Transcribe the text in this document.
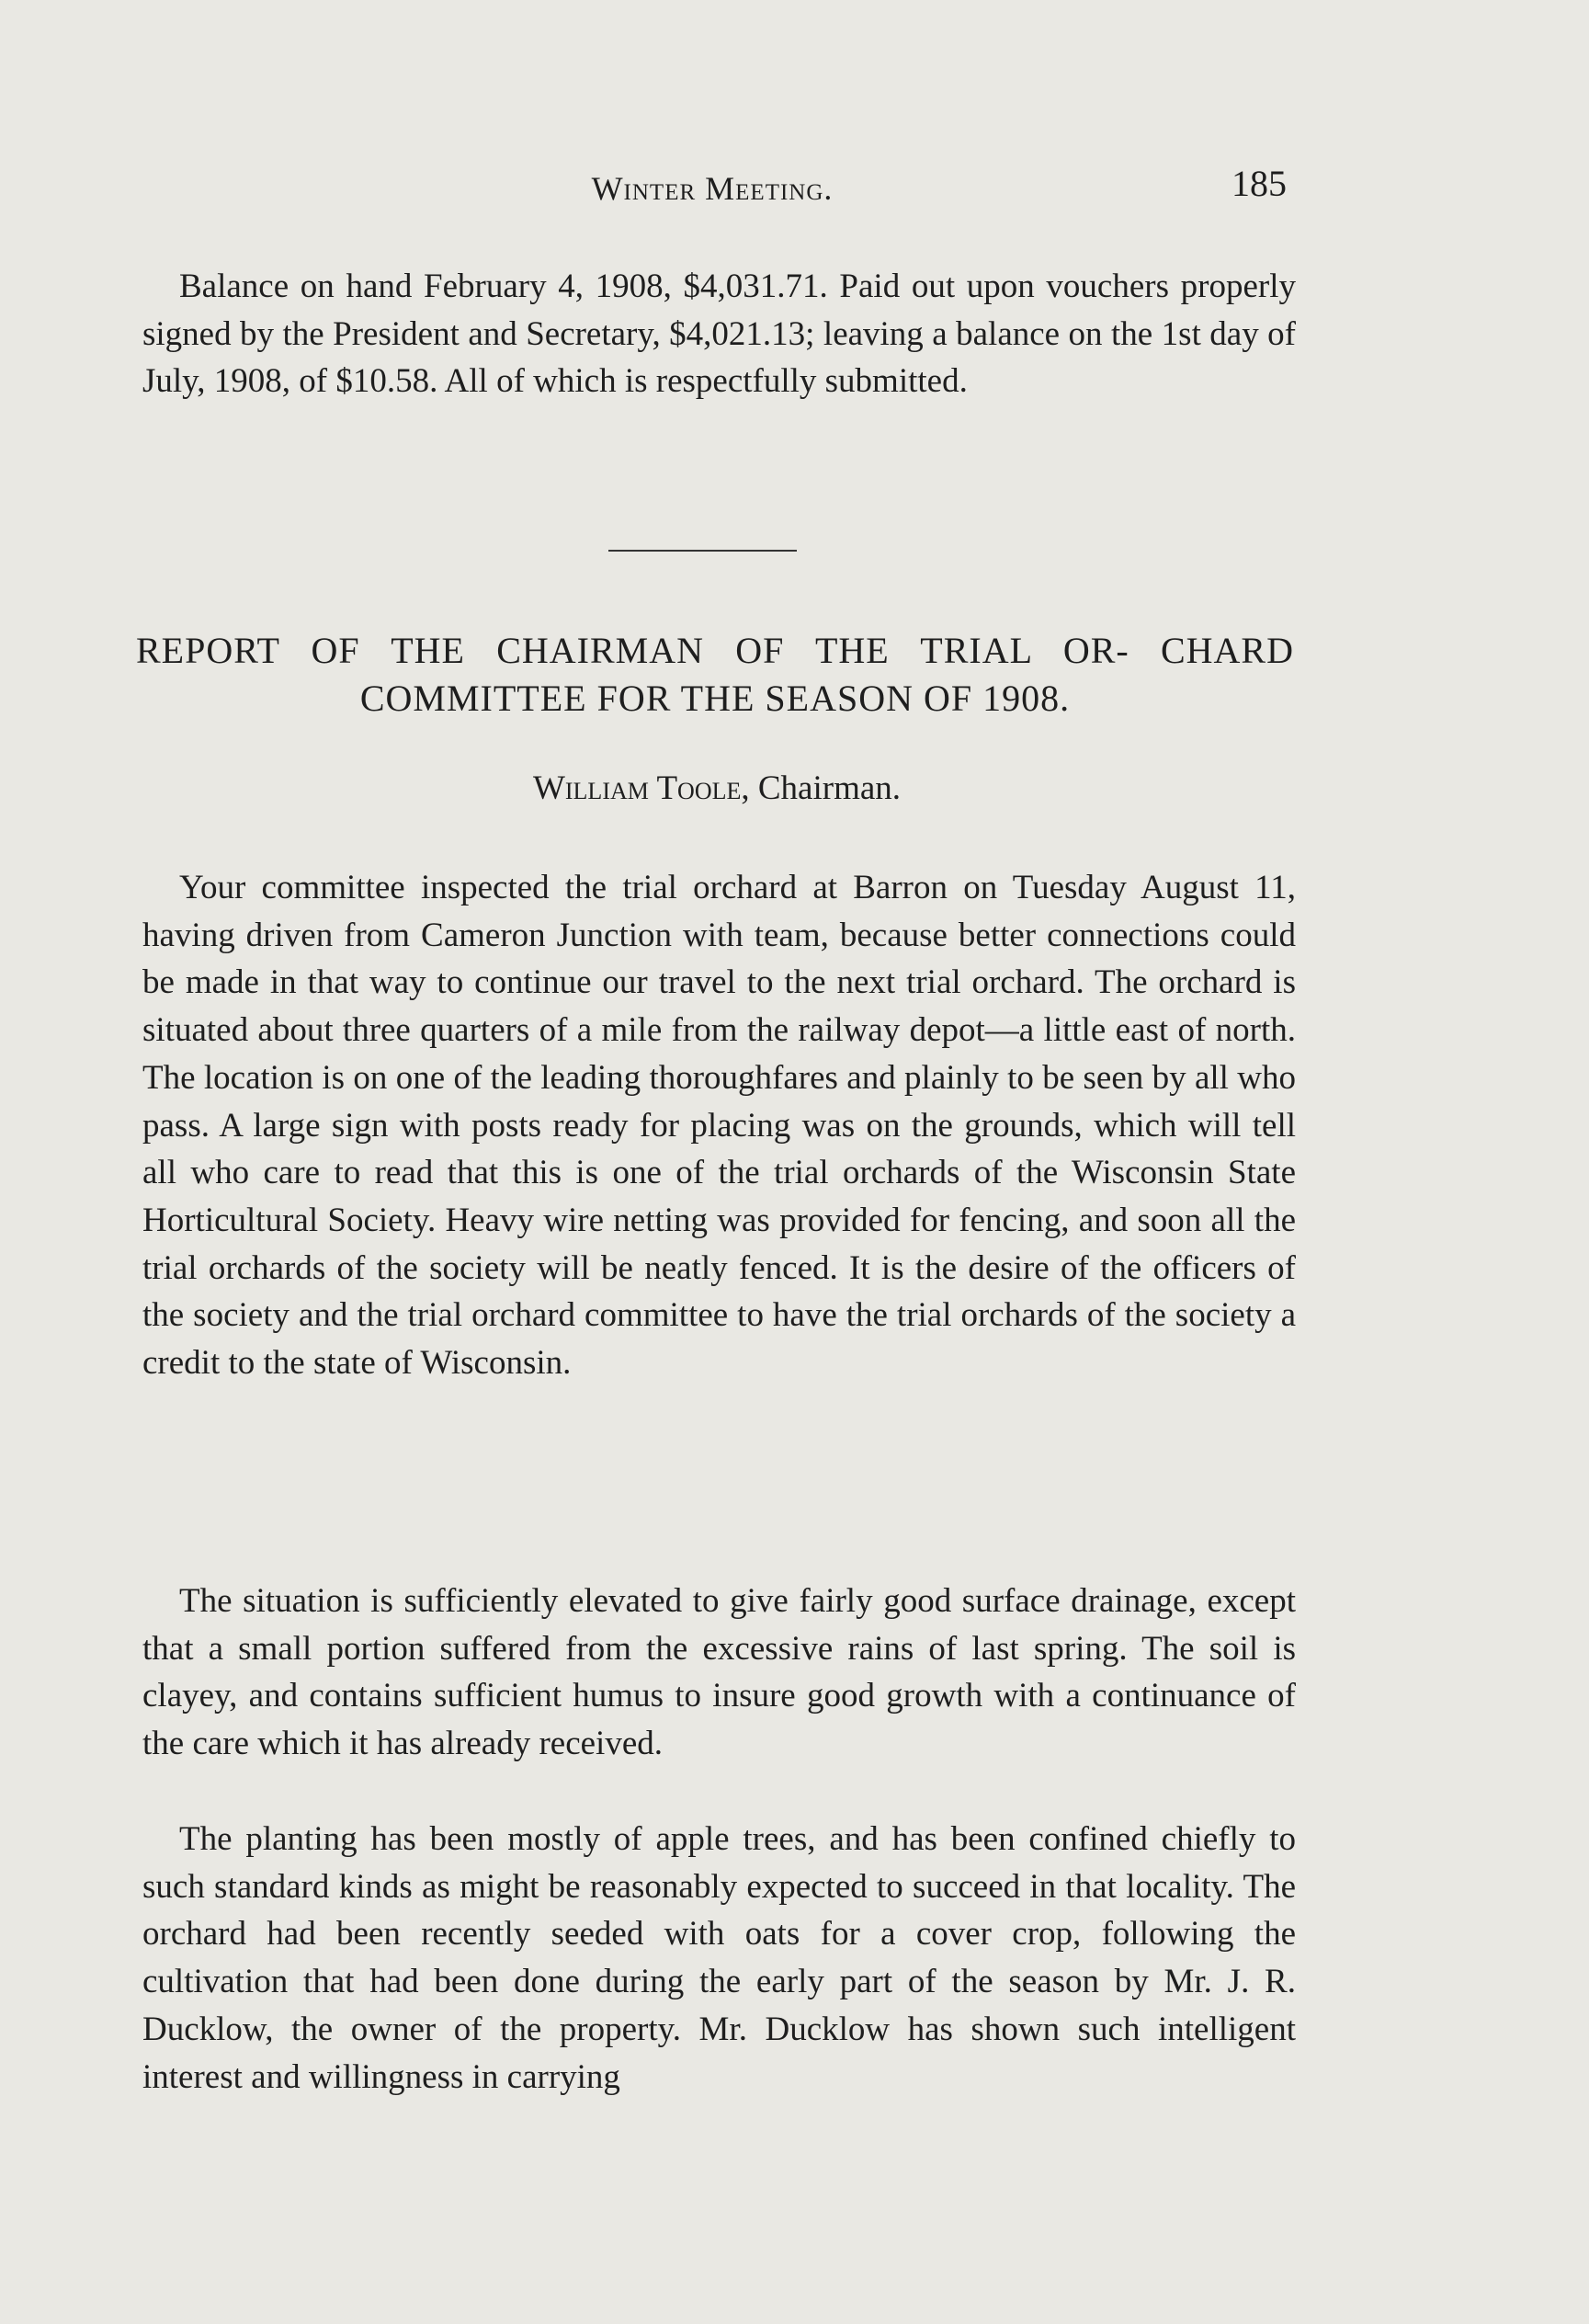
Winter Meeting.	185

Balance on hand February 4, 1908, $4,031.71. Paid out upon vouchers properly signed by the President and Secretary, $4,021.13; leaving a balance on the 1st day of July, 1908, of $10.58. All of which is respectfully submitted.

REPORT OF THE CHAIRMAN OF THE TRIAL OR- CHARD COMMITTEE FOR THE SEASON OF 1908.

William Toole, Chairman.

Your committee inspected the trial orchard at Barron on Tuesday August 11, having driven from Cameron Junction with team, because better connections could be made in that way to continue our travel to the next trial orchard. The orchard is situated about three quarters of a mile from the railway depot—a little east of north. The location is on one of the leading thoroughfares and plainly to be seen by all who pass. A large sign with posts ready for placing was on the grounds, which will tell all who care to read that this is one of the trial orchards of the Wisconsin State Horticultural Society. Heavy wire netting was provided for fencing, and soon all the trial orchards of the society will be neatly fenced. It is the desire of the officers of the society and the trial orchard committee to have the trial orchards of the society a credit to the state of Wisconsin.

The situation is sufficiently elevated to give fairly good surface drainage, except that a small portion suffered from the excessive rains of last spring. The soil is clayey, and contains sufficient humus to insure good growth with a continuance of the care which it has already received.

The planting has been mostly of apple trees, and has been confined chiefly to such standard kinds as might be reasonably expected to succeed in that locality. The orchard had been recently seeded with oats for a cover crop, following the cultivation that had been done during the early part of the season by Mr. J. R. Ducklow, the owner of the property. Mr. Ducklow has shown such intelligent interest and willingness in carrying
